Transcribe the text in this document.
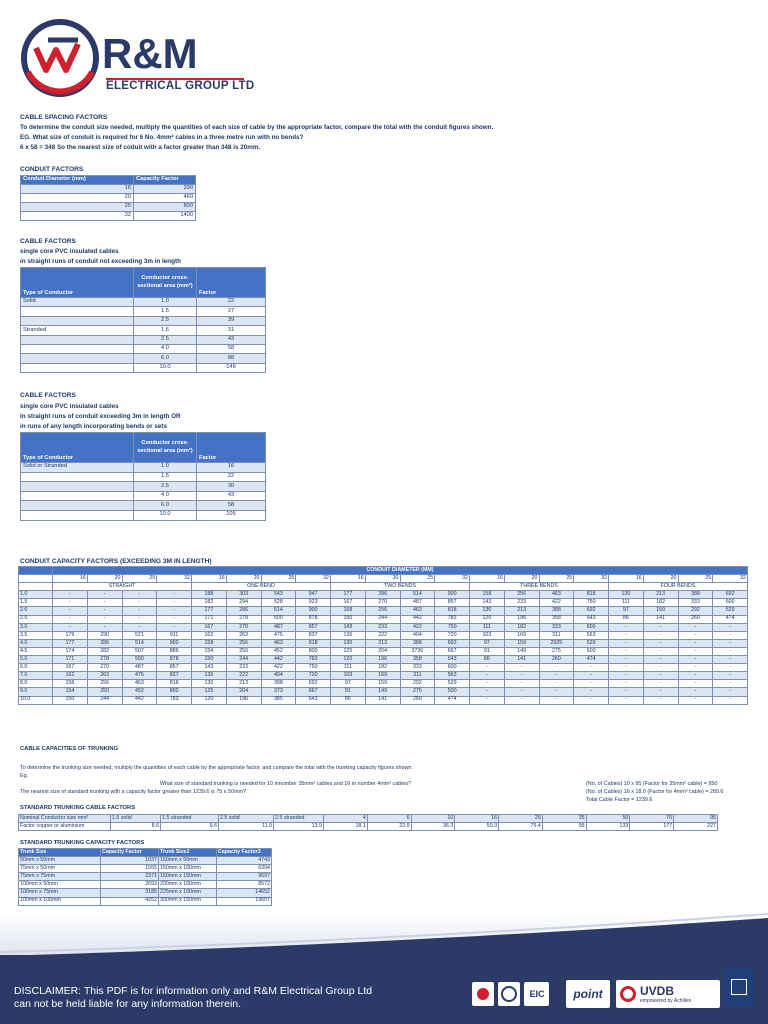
R&M
ELECTRICAL GROUP LTD
CABLE SPACING FACTORS
To determine the conduit size needed, multiply the quantities of each size of cable by the appropriate factor, compare the total with the conduit figures shown.
EG. What size of conduit is required for 6 No. 4mm² cables in a three metre run with no bends?
6 x 58 = 348 So the nearest size of coduit with a factor greater than 348 is 20mm.
CONDUIT FACTORS
Conduit Diameter (mm)	Capacity Factor
16	290
20	460
25	800
32	1400
CABLE FACTORS
single core PVC insulated cables
in straight runs of conduit not exceeding 3m in length
Type of Conductor	Conductor cross-sectional area (mm²)	Factor
Solid	1.0	22
	1.5	27
	2.5	39
Stranded	1.5	31
	2.5	43
	4.0	58
	6.0	88
	10.0	146
CABLE FACTORS
single core PVC insulated cables
in straight runs of conduit exceeding 3m in length OR
in runs of any length incorporating bends or sets
Type of Conductor	Conductor cross-sectional area (mm²)	Factor
Solid or Stranded	1.0	16
	1.5	22
	2.5	30
	4.0	43
	6.0	58
	10.0	105
CONDUIT CAPACITY FACTORS (EXCEEDING 3M IN LENGTH)
	CONDUIT DIAMETER (MM)																			
	16	20	25	32	16	20	25	32	16	20	25	32	16	20	25	32	16	20	25	32
	STRAIGHT				ONE BEND				TWO BENDS				THREE BENDS				FOUR BENDS			
1.0	-	-	-	-	188	303	543	947	177	286	514	900	158	256	463	818	130	213	388	692
1.5	-	-	-	-	182	294	528	923	167	270	487	857	143	233	422	750	111	182	333	600
2.0	-	-	-	-	177	286	514	900	158	256	463	818	130	213	388	692	97	159	292	529
2.5	-	-	-	-	171	278	500	878	150	244	442	783	120	196	358	643	86	141	260	474
3.0	-	-	-	-	167	270	487	857	143	233	422	750	111	182	333	600	-	-	-	-
3.5	179	290	521	911	162	263	475	837	136	222	404	720	103	169	311	563	-	-	-	-
4.0	177	286	514	900	158	256	463	818	130	213	388	692	97	159	2925	529	-	-	-	-
4.5	174	282	507	889	154	250	452	800	125	204	3736	667	91	149	275	500	-	-	-	-
5.0	171	278	500	878	150	244	442	783	120	196	358	643	86	141	260	474	-	-	-	-
6.0	167	270	487	857	143	233	422	750	111	182	333	600	-	-	-	-	-	-	-	-
7.0	162	263	475	837	136	222	404	720	103	169	311	563	-	-	-	-	-	-	-	-
8.0	158	256	463	818	130	213	388	692	97	159	292	529	-	-	-	-	-	-	-	-
9.0	154	250	452	800	125	204	373	667	91	149	275	500	-	-	-	-	-	-	-	-
10.0	150	244	442	783	120	196	385	643	86	141	260	474	-	-	-	-	-	-	-	-
CABLE CAPACITIES OF TRUNKING
To determine the trunking size needed, multiply the quantities of each cable by the appropriate factor, and compare the total with the trunking capacity figures shown.
Eg.
What size of standard trunking is needed for 10 innumber 35mm² cables and 16 in number 4mm² cables?
The nearest size of standard trunking with a capacity factor greater than 1239.6 is 75 x 50mm?
(No. of Cables) 10 x 95 (Factor for 35mm² cable) = 950
(No. of Cables) 16 x 18.0 (Factor for 4mm² cable) = 289.6
Total Cable Factor = 1239.6
STANDARD TRUNKING CABLE FACTORS
Nominal Conductor size mm²	1.5 solid	1.5 stranded	2.5 solid	2.5 stranded	4	6	10	16	25	35	50	70	95
Factor copper or aluminium	8.6	9.6	11.9	13.9	18.1	22.9	36.3	50.3	75.4	95	133	177	227
STANDARD TRUNKING CAPACITY FACTORS
Trunk Size	Capacity Factor	Trunk Size2	Capacity Factor3
50mm x 50mm	1037	150mm x 50mm	4743
75mm x 50mm	1555	150mm x 100mm	6394
75mm x 75mm	2371	150mm x 150mm	9697
100mm x 50mm	2093	200mm x 100mm	8572
100mm x 75mm	3185	225mm x 100mm	14652
100mm x 100mm	4252	300mm x 150mm	19607
DISCLAIMER: This PDF is for information only and R&M Electrical Group Ltd
can not be held liable for any information therein.
EIC	point	UVDB
empowered by Achilles
